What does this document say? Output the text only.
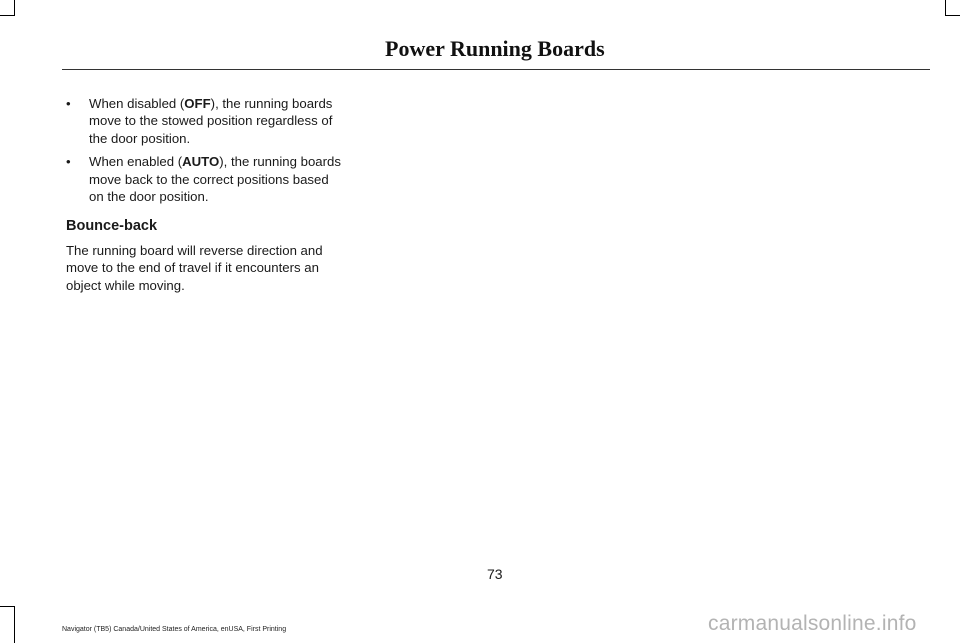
Power Running Boards
• When disabled (OFF), the running boards move to the stowed position regardless of the door position.
• When enabled (AUTO), the running boards move back to the correct positions based on the door position.
Bounce-back

The running board will reverse direction and move to the end of travel if it encounters an object while moving.

73
Navigator (TB5) Canada/United States of America, enUSA, First Printing	carmanualsonline.info
